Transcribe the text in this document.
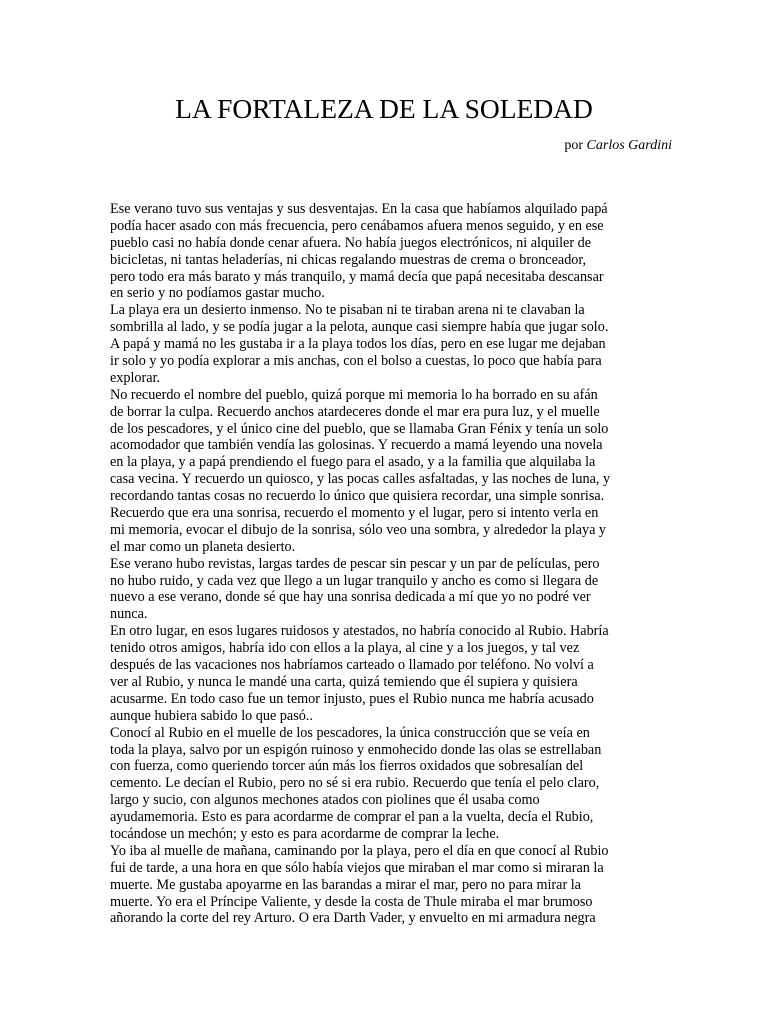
LA FORTALEZA DE LA SOLEDAD

por Carlos Gardini

Ese verano tuvo sus ventajas y sus desventajas. En la casa que habíamos alquilado papá
podía hacer asado con más frecuencia, pero cenábamos afuera menos seguido, y en ese
pueblo casi no había donde cenar afuera. No había juegos electrónicos, ni alquiler de
bicicletas, ni tantas heladerías, ni chicas regalando muestras de crema o bronceador,
pero todo era más barato y más tranquilo, y mamá decía que papá necesitaba descansar
en serio y no podíamos gastar mucho.
La playa era un desierto inmenso. No te pisaban ni te tiraban arena ni te clavaban la
sombrilla al lado, y se podía jugar a la pelota, aunque casi siempre había que jugar solo.
A papá y mamá no les gustaba ir a la playa todos los días, pero en ese lugar me dejaban
ir solo y yo podía explorar a mis anchas, con el bolso a cuestas, lo poco que había para
explorar.
No recuerdo el nombre del pueblo, quizá porque mi memoria lo ha borrado en su afán
de borrar la culpa. Recuerdo anchos atardeceres donde el mar era pura luz, y el muelle
de los pescadores, y el único cine del pueblo, que se llamaba Gran Fénix y tenía un solo
acomodador que también vendía las golosinas. Y recuerdo a mamá leyendo una novela
en la playa, y a papá prendiendo el fuego para el asado, y a la familia que alquilaba la
casa vecina. Y recuerdo un quiosco, y las pocas calles asfaltadas, y las noches de luna, y
recordando tantas cosas no recuerdo lo único que quisiera recordar, una simple sonrisa.
Recuerdo que era una sonrisa, recuerdo el momento y el lugar, pero si intento verla en
mi memoria, evocar el dibujo de la sonrisa, sólo veo una sombra, y alrededor la playa y
el mar como un planeta desierto.
Ese verano hubo revistas, largas tardes de pescar sin pescar y un par de películas, pero
no hubo ruido, y cada vez que llego a un lugar tranquilo y ancho es como si llegara de
nuevo a ese verano, donde sé que hay una sonrisa dedicada a mí que yo no podré ver
nunca.
En otro lugar, en esos lugares ruidosos y atestados, no habría conocido al Rubio. Habría
tenido otros amigos, habría ido con ellos a la playa, al cine y a los juegos, y tal vez
después de las vacaciones nos habríamos carteado o llamado por teléfono. No volví a
ver al Rubio, y nunca le mandé una carta, quizá temiendo que él supiera y quisiera
acusarme. En todo caso fue un temor injusto, pues el Rubio nunca me habría acusado
aunque hubiera sabido lo que pasó..
Conocí al Rubio en el muelle de los pescadores, la única construcción que se veía en
toda la playa, salvo por un espigón ruinoso y enmohecido donde las olas se estrellaban
con fuerza, como queriendo torcer aún más los fierros oxidados que sobresalían del
cemento. Le decían el Rubio, pero no sé si era rubio. Recuerdo que tenía el pelo claro,
largo y sucio, con algunos mechones atados con piolines que él usaba como
ayudamemoria. Esto es para acordarme de comprar el pan a la vuelta, decía el Rubio,
tocándose un mechón; y esto es para acordarme de comprar la leche.
Yo iba al muelle de mañana, caminando por la playa, pero el día en que conocí al Rubio
fui de tarde, a una hora en que sólo había viejos que miraban el mar como si miraran la
muerte. Me gustaba apoyarme en las barandas a mirar el mar, pero no para mirar la
muerte. Yo era el Príncipe Valiente, y desde la costa de Thule miraba el mar brumoso
añorando la corte del rey Arturo. O era Darth Vader, y envuelto en mi armadura negra
